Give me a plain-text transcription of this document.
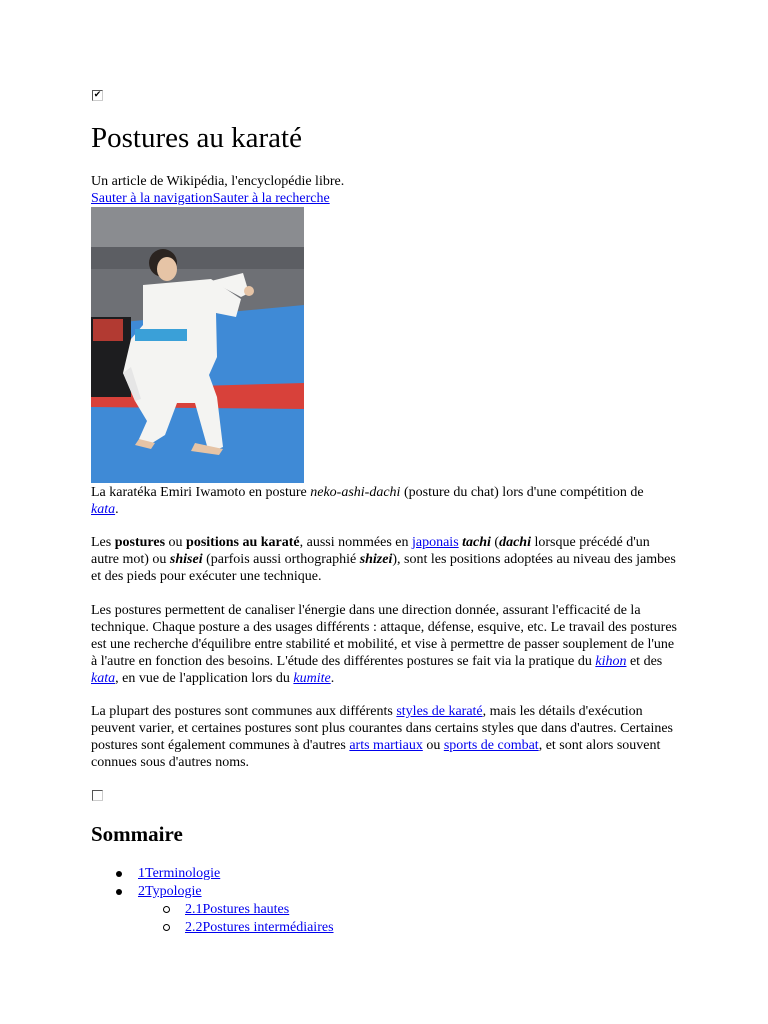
✔
Postures au karaté
Un article de Wikipédia, l'encyclopédie libre.
Sauter à la navigationSauter à la recherche
La karatéka Emiri Iwamoto en posture neko-ashi-dachi (posture du chat) lors d'une compétition de kata.

Les postures ou positions au karaté, aussi nommées en japonais tachi (dachi lorsque précédé d'un autre mot) ou shisei (parfois aussi orthographié shizei), sont les positions adoptées au niveau des jambes et des pieds pour exécuter une technique.

Les postures permettent de canaliser l'énergie dans une direction donnée, assurant l'efficacité de la technique. Chaque posture a des usages différents : attaque, défense, esquive, etc. Le travail des postures est une recherche d'équilibre entre stabilité et mobilité, et vise à permettre de passer souplement de l'une à l'autre en fonction des besoins. L'étude des différentes postures se fait via la pratique du kihon et des kata, en vue de l'application lors du kumite.

La plupart des postures sont communes aux différents styles de karaté, mais les détails d'exécution peuvent varier, et certaines postures sont plus courantes dans certains styles que dans d'autres. Certaines postures sont également communes à d'autres arts martiaux ou sports de combat, et sont alors souvent connues sous d'autres noms.

Sommaire
1Terminologie
2Typologie
2.1Postures hautes
2.2Postures intermédiaires
